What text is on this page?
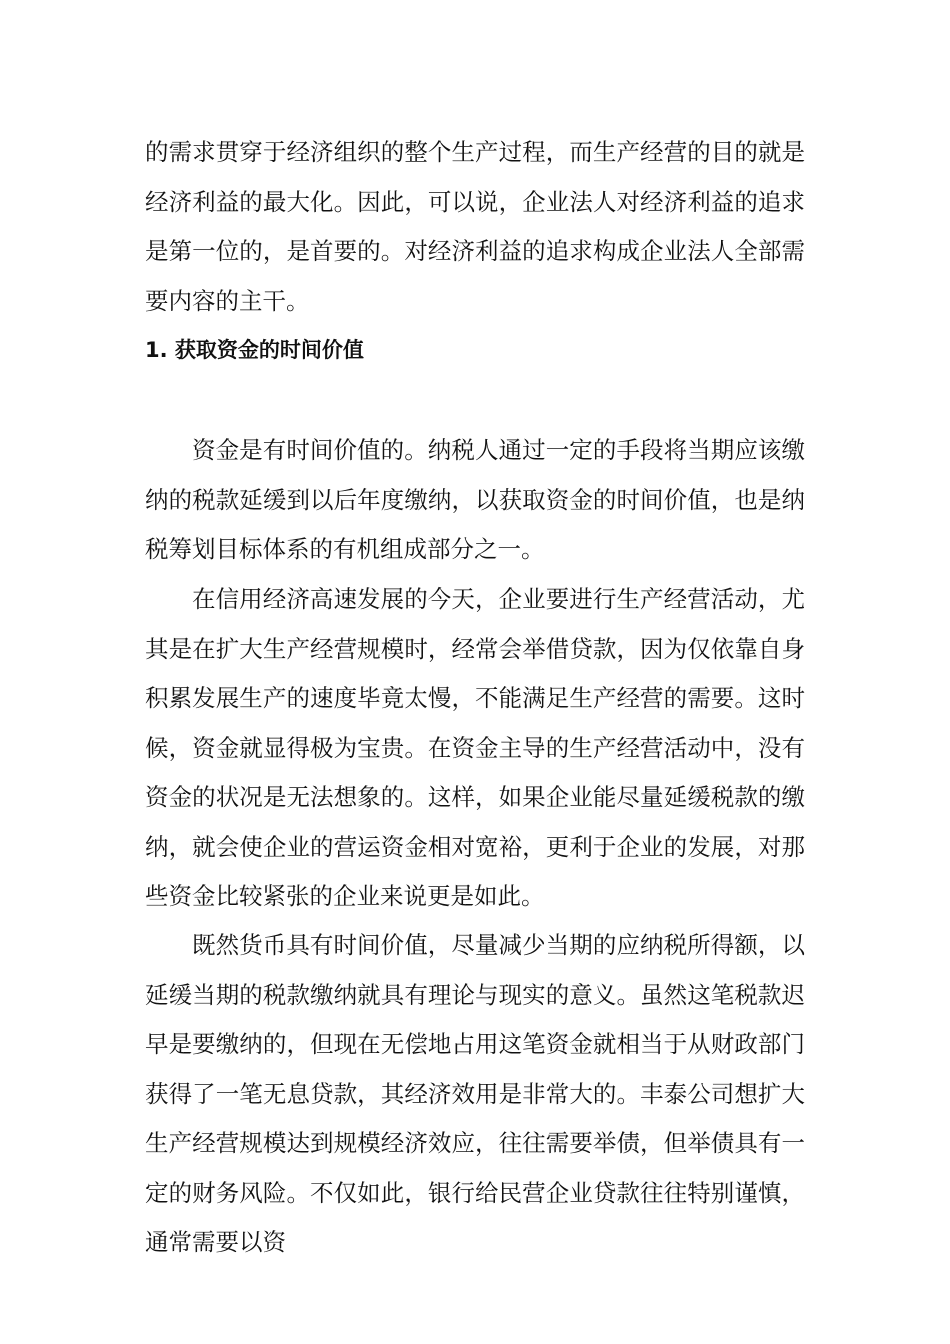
的需求贯穿于经济组织的整个生产过程，而生产经营的目的就是经济利益的最大化。因此，可以说，企业法人对经济利益的追求是第一位的，是首要的。对经济利益的追求构成企业法人全部需要内容的主干。

1. 获取资金的时间价值

资金是有时间价值的。纳税人通过一定的手段将当期应该缴纳的税款延缓到以后年度缴纳，以获取资金的时间价值，也是纳税筹划目标体系的有机组成部分之一。

在信用经济高速发展的今天，企业要进行生产经营活动，尤其是在扩大生产经营规模时，经常会举借贷款，因为仅依靠自身积累发展生产的速度毕竟太慢，不能满足生产经营的需要。这时候，资金就显得极为宝贵。在资金主导的生产经营活动中，没有资金的状况是无法想象的。这样，如果企业能尽量延缓税款的缴纳，就会使企业的营运资金相对宽裕，更利于企业的发展，对那些资金比较紧张的企业来说更是如此。

既然货币具有时间价值，尽量减少当期的应纳税所得额，以延缓当期的税款缴纳就具有理论与现实的意义。虽然这笔税款迟早是要缴纳的，但现在无偿地占用这笔资金就相当于从财政部门获得了一笔无息贷款，其经济效用是非常大的。丰泰公司想扩大生产经营规模达到规模经济效应，往往需要举债，但举债具有一定的财务风险。不仅如此，银行给民营企业贷款往往特别谨慎，通常需要以资
